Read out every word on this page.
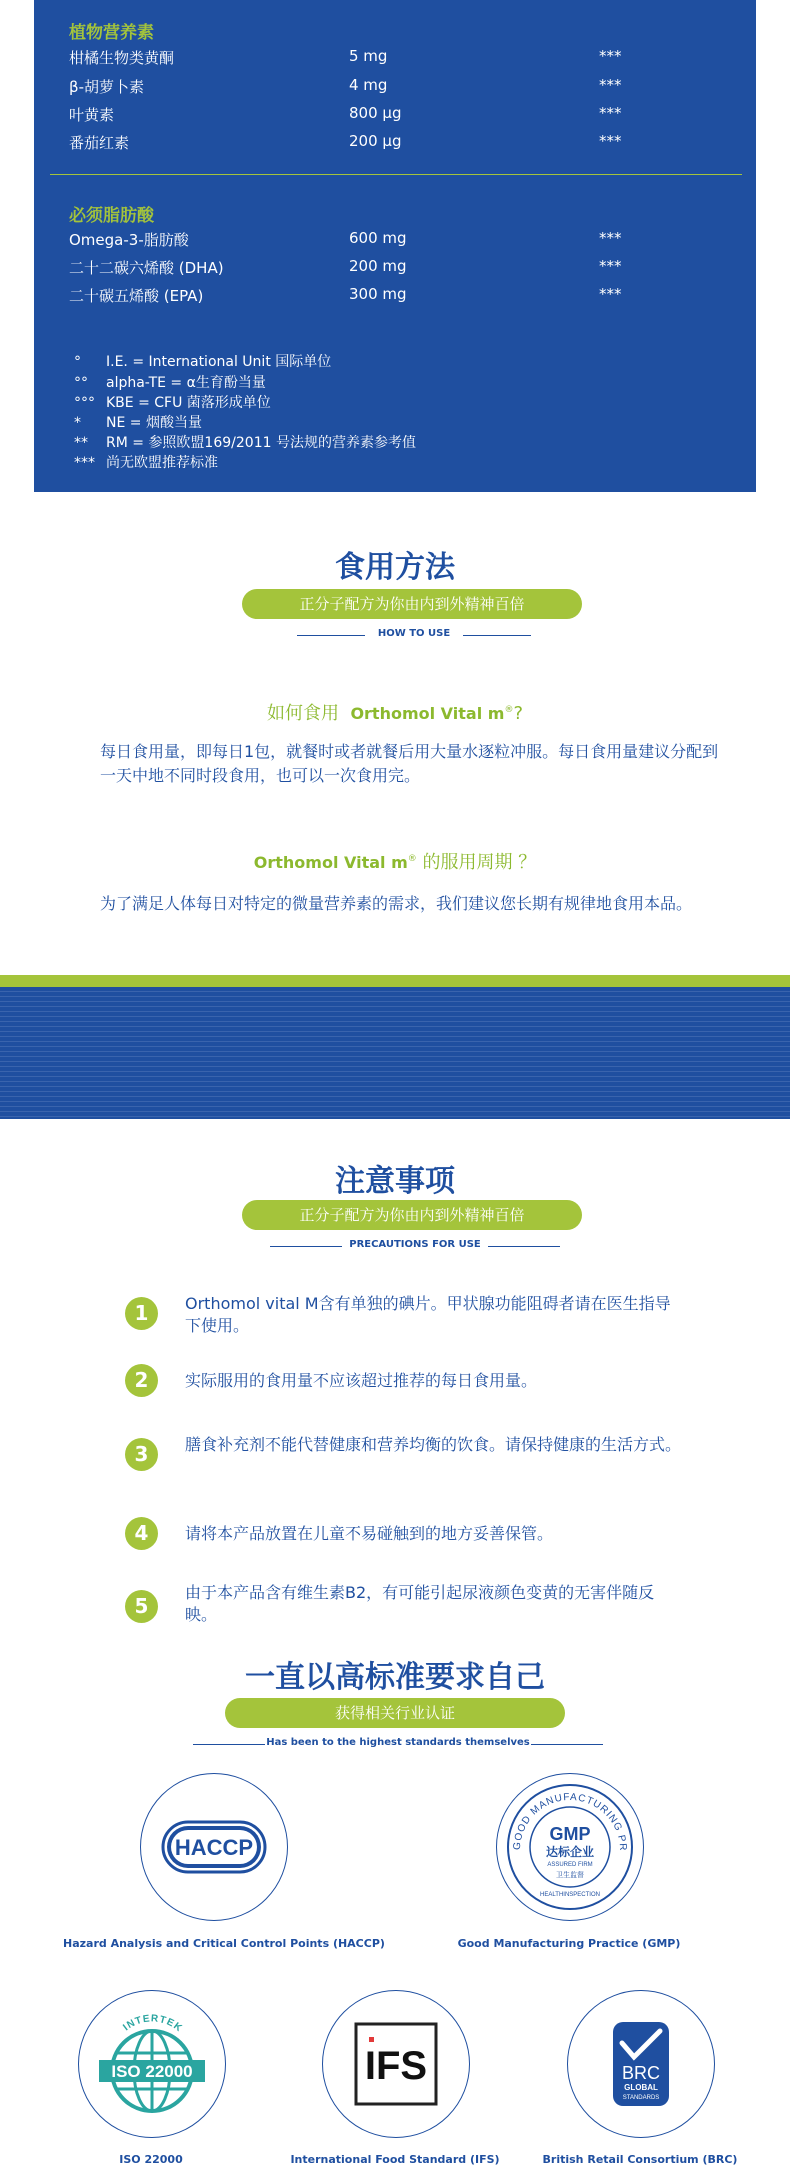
植物营养素
柑橘生物类黄酮	5 mg	***
β-胡萝卜素	4 mg	***
叶黄素	800 µg	***
番茄红素	200 µg	***
必须脂肪酸
Omega-3-脂肪酸	600 mg	***
二十二碳六烯酸 (DHA)	200 mg	***
二十碳五烯酸 (EPA)	300 mg	***
° I.E. = International Unit 国际单位
°° alpha-TE = α生育酚当量
°°° KBE = CFU 菌落形成单位
* NE = 烟酸当量
** RM = 参照欧盟169/2011 号法规的营养素参考值
*** 尚无欧盟推荐标准
食用方法
正分子配方为你由内到外精神百倍
HOW TO USE
如何食用 Orthomol Vital m®?
每日食用量，即每日1包，就餐时或者就餐后用大量水逐粒冲服。每日食用量建议分配到一天中地不同时段食用，也可以一次食用完。
Orthomol Vital m® 的服用周期 ？
为了满足人体每日对特定的微量营养素的需求，我们建议您长期有规律地食用本品。
注意事项
正分子配方为你由内到外精神百倍
PRECAUTIONS FOR USE
1	Orthomol vital M含有单独的碘片。甲状腺功能阻碍者请在医生指导下使用。
2	实际服用的食用量不应该超过推荐的每日食用量。
3	膳食补充剂不能代替健康和营养均衡的饮食。请保持健康的生活方式。
4	请将本产品放置在儿童不易碰触到的地方妥善保管。
5
由于本产品含有维生素B2，有可能引起尿液颜色变黄的无害伴随反映。
一直以高标准要求自己
获得相关行业认证
Has been to the highest standards themselves
HACCP
Hazard Analysis and Critical Control Points (HACCP)
GOOD MANUFACTURING PR
GMP
达标企业
ASSURED FIRM
卫生监督
HEALTHINSPECTION
Good Manufacturing Practice (GMP)
INTERTEK
ISO 22000
ISO 22000
IFS
International Food Standard (IFS)
BRC
GLOBAL
STANDARDS
British Retail Consortium (BRC)
